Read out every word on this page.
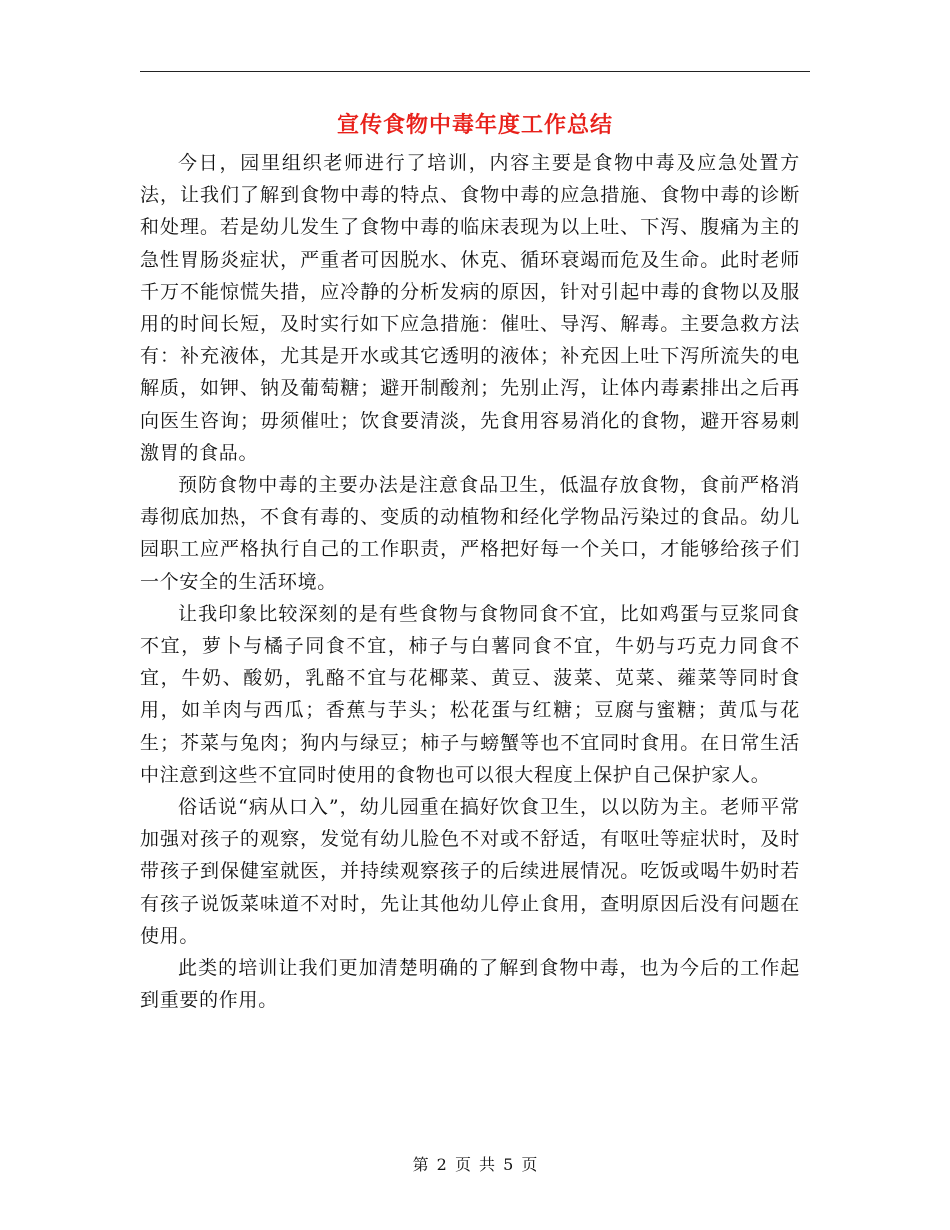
宣传食物中毒年度工作总结

今日，园里组织老师进行了培训，内容主要是食物中毒及应急处置方法，让我们了解到食物中毒的特点、食物中毒的应急措施、食物中毒的诊断和处理。若是幼儿发生了食物中毒的临床表现为以上吐、下泻、腹痛为主的急性胃肠炎症状，严重者可因脱水、休克、循环衰竭而危及生命。此时老师千万不能惊慌失措，应冷静的分析发病的原因，针对引起中毒的食物以及服用的时间长短，及时实行如下应急措施：催吐、导泻、解毒。主要急救方法有：补充液体，尤其是开水或其它透明的液体；补充因上吐下泻所流失的电解质，如钾、钠及葡萄糖；避开制酸剂；先别止泻，让体内毒素排出之后再向医生咨询；毋须催吐；饮食要清淡，先食用容易消化的食物，避开容易刺激胃的食品。

预防食物中毒的主要办法是注意食品卫生，低温存放食物，食前严格消毒彻底加热，不食有毒的、变质的动植物和经化学物品污染过的食品。幼儿园职工应严格执行自己的工作职责，严格把好每一个关口，才能够给孩子们一个安全的生活环境。

让我印象比较深刻的是有些食物与食物同食不宜，比如鸡蛋与豆浆同食不宜，萝卜与橘子同食不宜，柿子与白薯同食不宜，牛奶与巧克力同食不宜，牛奶、酸奶，乳酪不宜与花椰菜、黄豆、菠菜、苋菜、蕹菜等同时食用，如羊肉与西瓜；香蕉与芋头；松花蛋与红糖；豆腐与蜜糖；黄瓜与花生；芥菜与兔肉；狗内与绿豆；柿子与螃蟹等也不宜同时食用。在日常生活中注意到这些不宜同时使用的食物也可以很大程度上保护自己保护家人。

俗话说“病从口入”，幼儿园重在搞好饮食卫生，以以防为主。老师平常加强对孩子的观察，发觉有幼儿脸色不对或不舒适，有呕吐等症状时，及时带孩子到保健室就医，并持续观察孩子的后续进展情况。吃饭或喝牛奶时若有孩子说饭菜味道不对时，先让其他幼儿停止食用，查明原因后没有问题在使用。

此类的培训让我们更加清楚明确的了解到食物中毒，也为今后的工作起到重要的作用。

第 2 页 共 5 页
